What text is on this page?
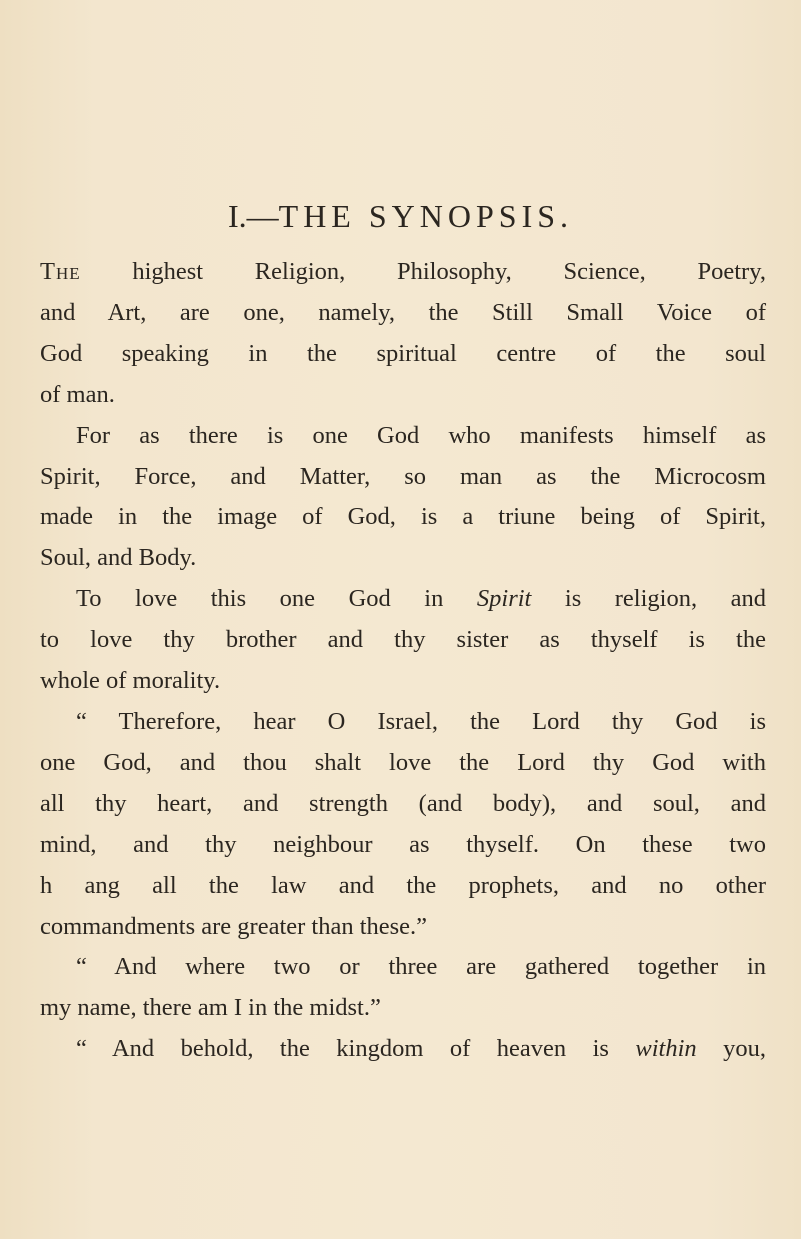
I.—THE SYNOPSIS.

The highest Religion, Philosophy, Science, Poetry,
and Art, are one, namely, the Still Small Voice of
God speaking in the spiritual centre of the soul
of man.

For as there is one God who manifests himself as
Spirit, Force, and Matter, so man as the Microcosm
made in the image of God, is a triune being of Spirit,
Soul, and Body.

To love this one God in Spirit is religion, and
to love thy brother and thy sister as thyself is the
whole of morality.

“ Therefore, hear O Israel, the Lord thy God is
one God, and thou shalt love the Lord thy God with
all thy heart, and strength (and body), and soul, and
mind, and thy neighbour as thyself. On these two
h ang all the law and the prophets, and no other
commandments are greater than these.”

“ And where two or three are gathered together in
my name, there am I in the midst.”

“ And behold, the kingdom of heaven is within you,
